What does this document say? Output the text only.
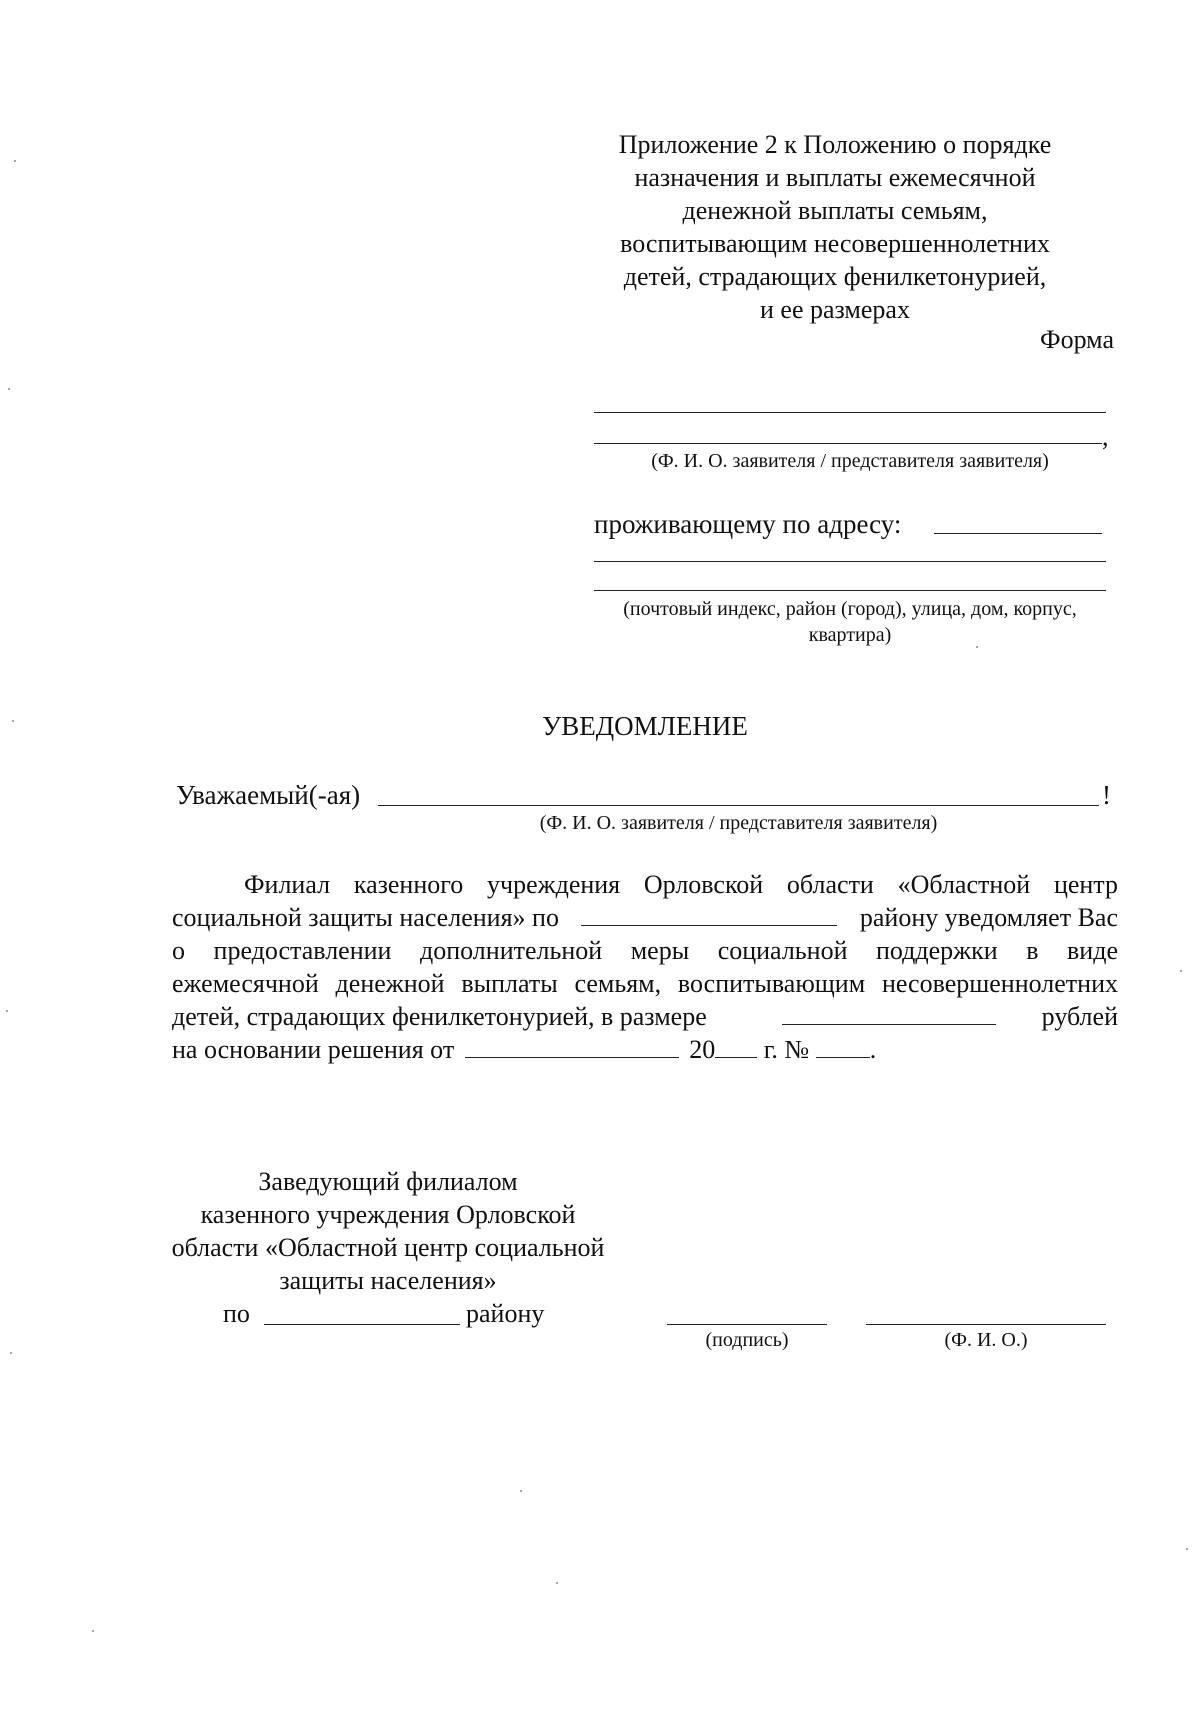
Приложение 2 к Положению о порядке
назначения и выплаты ежемесячной
денежной выплаты семьям,
воспитывающим несовершеннолетних
детей, страдающих фенилкетонурией,
и ее размерах
Форма
,
(Ф. И. О. заявителя / представителя заявителя)
проживающему по адресу:
(почтовый индекс, район (город), улица, дом, корпус,
квартира)
УВЕДОМЛЕНИЕ
Уважаемый(-ая)	!
(Ф. И. О. заявителя / представителя заявителя)
Филиал казенного учреждения Орловской области «Областной центр
социальной защиты населения» по	району уведомляет Вас
о предоставлении дополнительной меры социальной поддержки в виде
ежемесячной денежной выплаты семьям, воспитывающим несовершеннолетних
детей, страдающих фенилкетонурией, в размере	рублей
на основании решения от	20 г. № .
Заведующий филиалом
казенного учреждения Орловской
области «Областной центр социальной
защиты населения»
по	району
(подпись)	(Ф. И. О.)
